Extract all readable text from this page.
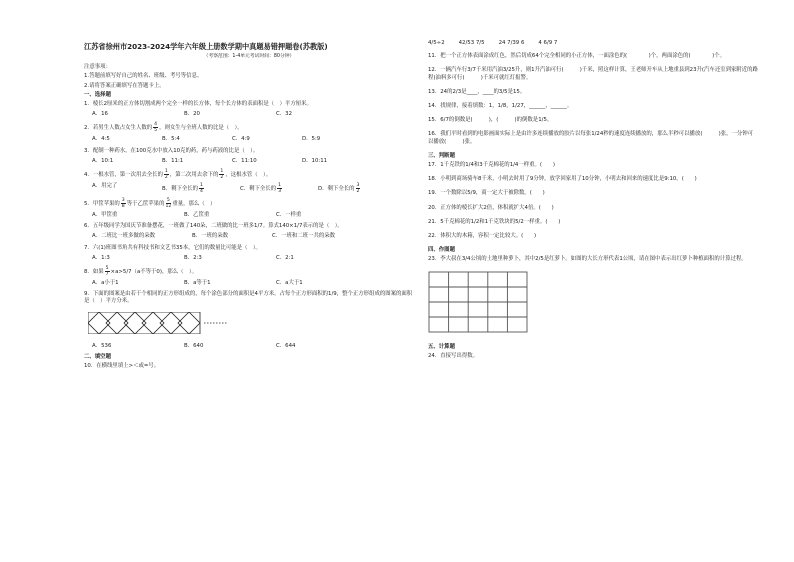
江苏省徐州市2023-2024学年六年级上册数学期中真题易错押题卷(苏教版)
（考察范围：1-4单元考试时间：80分钟）
注意事项：
1.答题前填写好自己的姓名、班级、考号等信息。
2.请将答案正确填写在答题卡上。
一、选择题
1．棱长2厘米的正方体切割成两个完全一样的长方体，每个长方体的表面积是（　）平方厘米。
A．16	B．20	C．32
2．若男生人数占女生人数的 $\frac{4}{5}$ ，则女生与全班人数的比是（　）。
A．4:5	B．5:4	C．4:9	D．5:9
3．配制一种药水，在100克水中放入10克的药，药与药液的比是（　）。
A．10:1	B．11:1	C．11:10	D．10:11
4．一根水管，第一次用去全长的 $\frac{1}{2}$ ，第二次用去余下的 $\frac{1}{2}$ ，这根水管（　）。
A．用完了	B．剩下全长的 $\frac{1}{4}$	C．剩下全长的 $\frac{1}{3}$	D．剩下全长的 $\frac{3}{2}$
5．甲筐苹果的 $\frac{3}{8}$ 等于乙筐苹果的 $\frac{5}{12}$ 重量，那么（　）
A．甲筐重	B．乙筐重	C．一样重
6．五年级同学为国庆节准备摆花，一班做了140朵，二班做的比一班多1/7。算式140×1/7表示的是（　）。
A．二班比一班多做的朵数	B．一班的朵数	C．一班和二班一共的朵数
7．六(1)班图书角共有科技书和文艺书35本，它们的数量比可能是（　）。
A．1:3	B．2:3	C．2:1
8．如果 $\frac{5}{7} \times a>5/7(a$不等于0)，那么（　）。
A．a小于1	B．a等于1	C．a大于1
9．下面的图案是由若干个相同的正方形组成的，每个涂色部分的面积是4平方米。占每个正方形面积的1/9，整个正方形组成的图案的面积是（　）平方分米。
A．536	B．640	C．644
二、填空题
10．在横线里填上>＜或=号。
4/5÷2	42/53 7/5	24 7/39 6	4 6/9 7
11．把一个正方体表面涂成红色，然后切成64个完全相同的小正方体，一面涂色的(　　　　)个，两面涂色的(　　　　)个。
12．一辆汽车行3/7千米用汽油3/25升，则1升汽油可行(　　　)千米，照这样计算，王老师开车从上地重县到23升(汽车还室到家附近的路程)油料多可行(　　　)千米可就红灯报警。
13．24的2/3是____，____的3/5是15。
14．找规律，接着填数：1，1/8，1/27，______，______。
15．6/7的倒数是(　　　)，(　　　)的倒数是1/5。
16．我们平时看到的电影画面实际上是由许多连续播放的胶片以每张1/24秒的速度连续播放的，那么半秒可以播放(　　　)张，一分钟可以播放(　　　)张。
三、判断题
17．1千克铁的1/4和3千克棉花的1/4一样重。(　　)
18．小明到商场骑车8千米，小明去时用了9分钟，放学回家用了10分钟，小明去和回来的速度比是9:10。(　　)
19．一个数除以5/9，商一定大于被除数。(　　)
20．正方体的棱长扩大2倍，体积就扩大4倍。(　　)
21．5千克棉花的1/2和1千克铁块的5/2一样重。(　　)
22．体积大的木箱，容积一定比较大。(　　)
四、作图题
23．李大叔在3/4公顷的土地里种萝卜，其中2/5是红萝卜。如图的大长方形代表1公顷，请在图中表示出红萝卜种植面积的计算过程。
五、计算题
24．直接写出得数。
